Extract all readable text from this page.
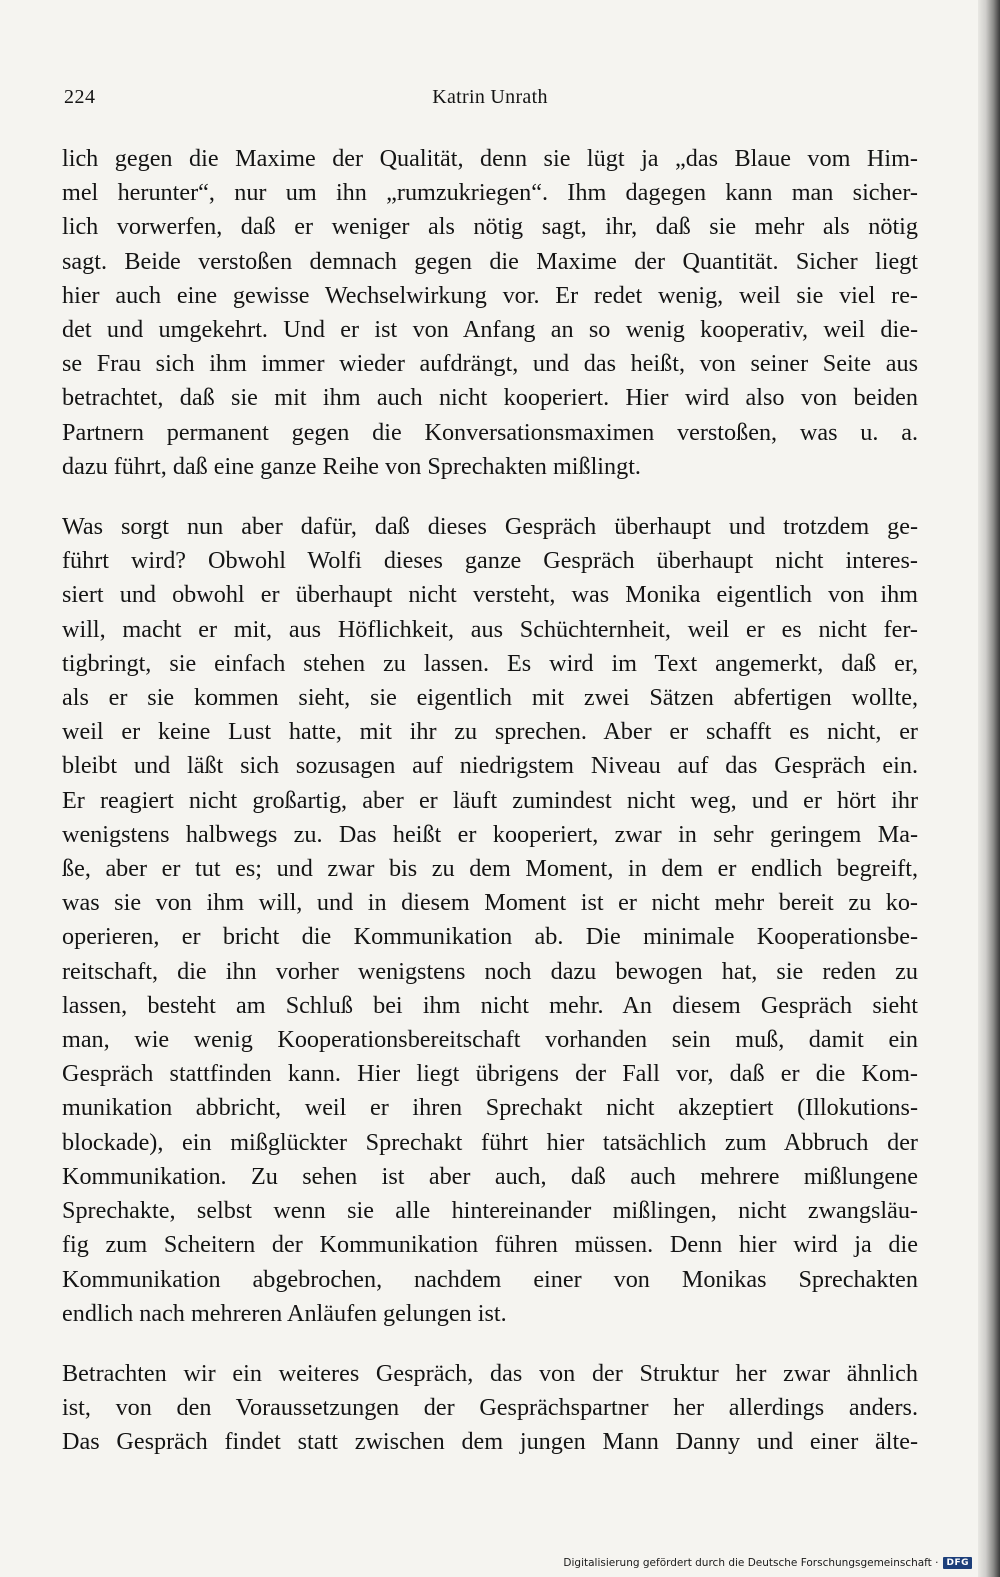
224	Katrin Unrath

lich gegen die Maxime der Qualität, denn sie lügt ja „das Blaue vom Him-
mel herunter“, nur um ihn „rumzukriegen“. Ihm dagegen kann man sicher-
lich vorwerfen, daß er weniger als nötig sagt, ihr, daß sie mehr als nötig
sagt. Beide verstoßen demnach gegen die Maxime der Quantität. Sicher liegt
hier auch eine gewisse Wechselwirkung vor. Er redet wenig, weil sie viel re-
det und umgekehrt. Und er ist von Anfang an so wenig kooperativ, weil die-
se Frau sich ihm immer wieder aufdrängt, und das heißt, von seiner Seite aus
betrachtet, daß sie mit ihm auch nicht kooperiert. Hier wird also von beiden
Partnern permanent gegen die Konversationsmaximen verstoßen, was u. a.
dazu führt, daß eine ganze Reihe von Sprechakten mißlingt.

Was sorgt nun aber dafür, daß dieses Gespräch überhaupt und trotzdem ge-
führt wird? Obwohl Wolfi dieses ganze Gespräch überhaupt nicht interes-
siert und obwohl er überhaupt nicht versteht, was Monika eigentlich von ihm
will, macht er mit, aus Höflichkeit, aus Schüchternheit, weil er es nicht fer-
tigbringt, sie einfach stehen zu lassen. Es wird im Text angemerkt, daß er,
als er sie kommen sieht, sie eigentlich mit zwei Sätzen abfertigen wollte,
weil er keine Lust hatte, mit ihr zu sprechen. Aber er schafft es nicht, er
bleibt und läßt sich sozusagen auf niedrigstem Niveau auf das Gespräch ein.
Er reagiert nicht großartig, aber er läuft zumindest nicht weg, und er hört ihr
wenigstens halbwegs zu. Das heißt er kooperiert, zwar in sehr geringem Ma-
ße, aber er tut es; und zwar bis zu dem Moment, in dem er endlich begreift,
was sie von ihm will, und in diesem Moment ist er nicht mehr bereit zu ko-
operieren, er bricht die Kommunikation ab. Die minimale Kooperationsbe-
reitschaft, die ihn vorher wenigstens noch dazu bewogen hat, sie reden zu
lassen, besteht am Schluß bei ihm nicht mehr. An diesem Gespräch sieht
man, wie wenig Kooperationsbereitschaft vorhanden sein muß, damit ein
Gespräch stattfinden kann. Hier liegt übrigens der Fall vor, daß er die Kom-
munikation abbricht, weil er ihren Sprechakt nicht akzeptiert (Illokutions-
blockade), ein mißglückter Sprechakt führt hier tatsächlich zum Abbruch der
Kommunikation. Zu sehen ist aber auch, daß auch mehrere mißlungene
Sprechakte, selbst wenn sie alle hintereinander mißlingen, nicht zwangsläu-
fig zum Scheitern der Kommunikation führen müssen. Denn hier wird ja die
Kommunikation abgebrochen, nachdem einer von Monikas Sprechakten
endlich nach mehreren Anläufen gelungen ist.

Betrachten wir ein weiteres Gespräch, das von der Struktur her zwar ähnlich
ist, von den Voraussetzungen der Gesprächspartner her allerdings anders.
Das Gespräch findet statt zwischen dem jungen Mann Danny und einer älte-

Digitalisierung gefördert durch die Deutsche Forschungsgemeinschaft · DFG
